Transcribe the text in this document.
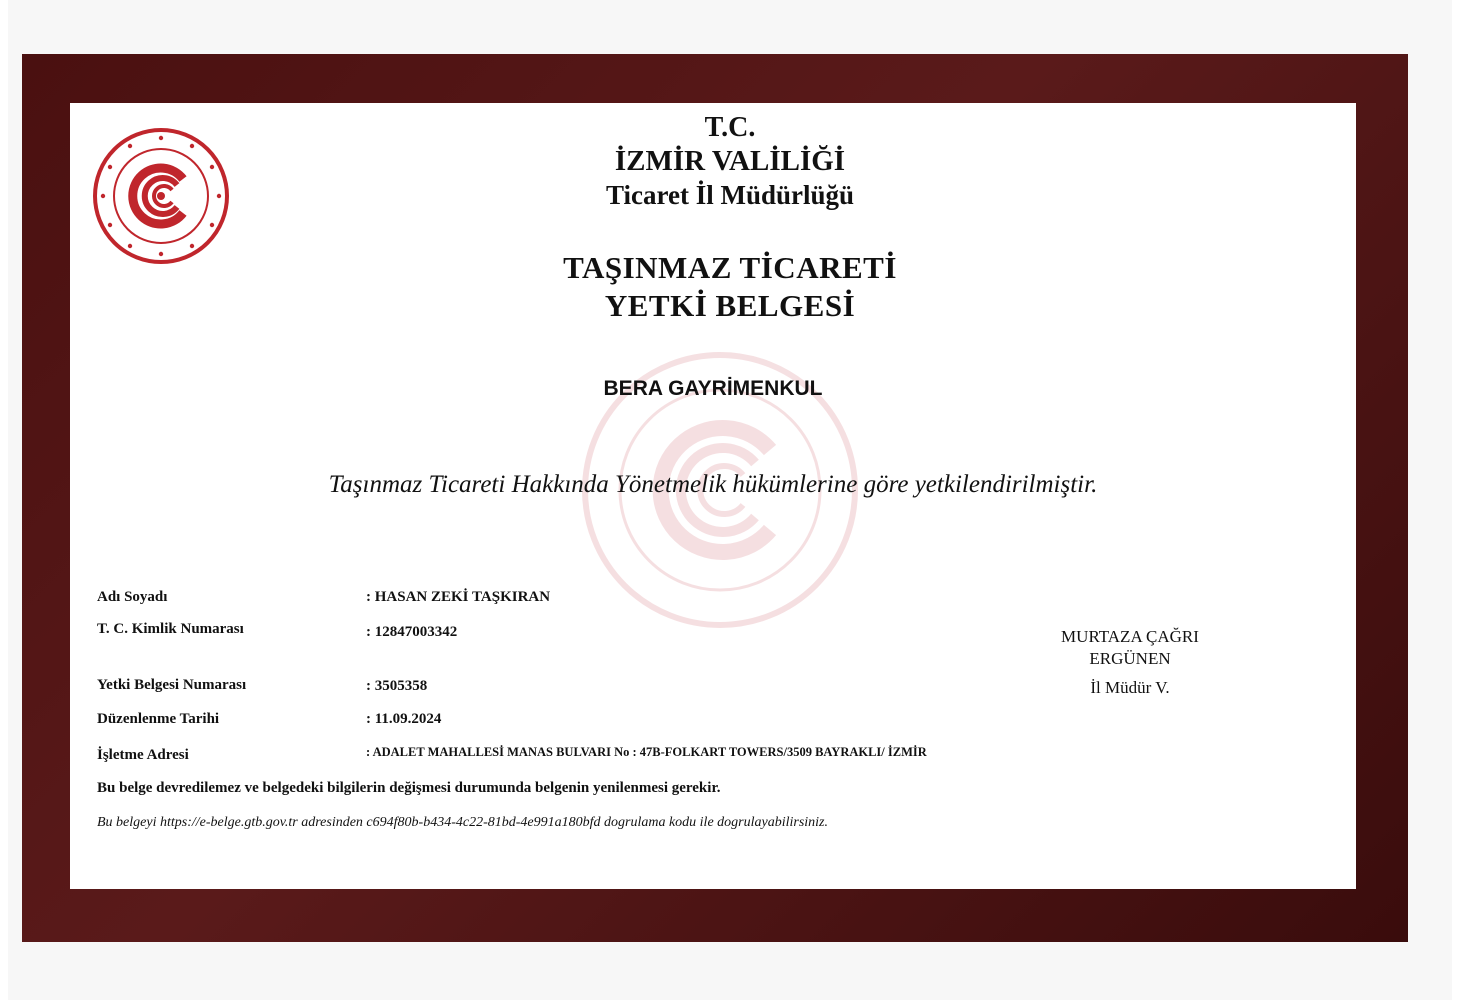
T.C.
İZMİR VALİLİĞİ
Ticaret İl Müdürlüğü
TAŞINMAZ TİCARETİ
YETKİ BELGESİ
BERA GAYRİMENKUL
Taşınmaz Ticareti Hakkında Yönetmelik hükümlerine göre yetkilendirilmiştir.
Adı Soyadı	: HASAN ZEKİ TAŞKIRAN
T. C. Kimlik Numarası	: 12847003342
Yetki Belgesi Numarası	: 3505358
Düzenlenme Tarihi	: 11.09.2024
İşletme Adresi	: ADALET MAHALLESİ MANAS BULVARI No : 47B-FOLKART TOWERS/3509 BAYRAKLI/ İZMİR
Bu belge devredilemez ve belgedeki bilgilerin değişmesi durumunda belgenin yenilenmesi gerekir.
Bu belgeyi https://e-belge.gtb.gov.tr adresinden c694f80b-b434-4c22-81bd-4e991a180bfd dogrulama kodu ile dogrulayabilirsiniz.
MURTAZA ÇAĞRI
ERGÜNEN
İl Müdür V.
